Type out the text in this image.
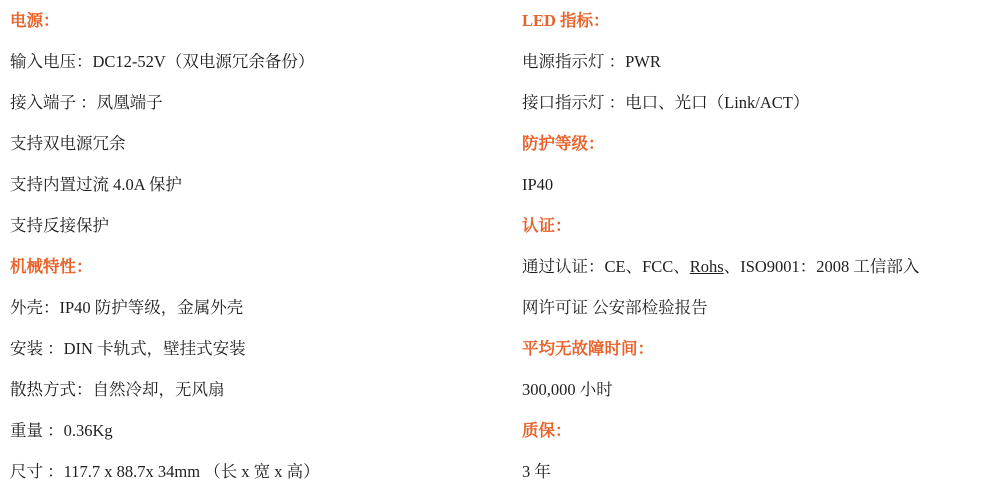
电源：
输入电压：DC12-52V（双电源冗余备份）
接入端子 ：凤凰端子
支持双电源冗余
支持内置过流 4.0A 保护
支持反接保护
机械特性：
外壳：IP40 防护等级，金属外壳
安装 ：DIN 卡轨式，壁挂式安装
散热方式：自然冷却，无风扇
重量 ：0.36Kg
尺寸 ：117.7 x 88.7x 34mm （长 x 宽 x 高）
LED 指标：
电源指示灯 ：PWR
接口指示灯 ：电口、光口（Link/ACT）
防护等级：
IP40
认证：
通过认证：CE、FCC、Rohs、ISO9001：2008 工信部入
网许可证 公安部检验报告
平均无故障时间：
300,000 小时
质保：
3 年
